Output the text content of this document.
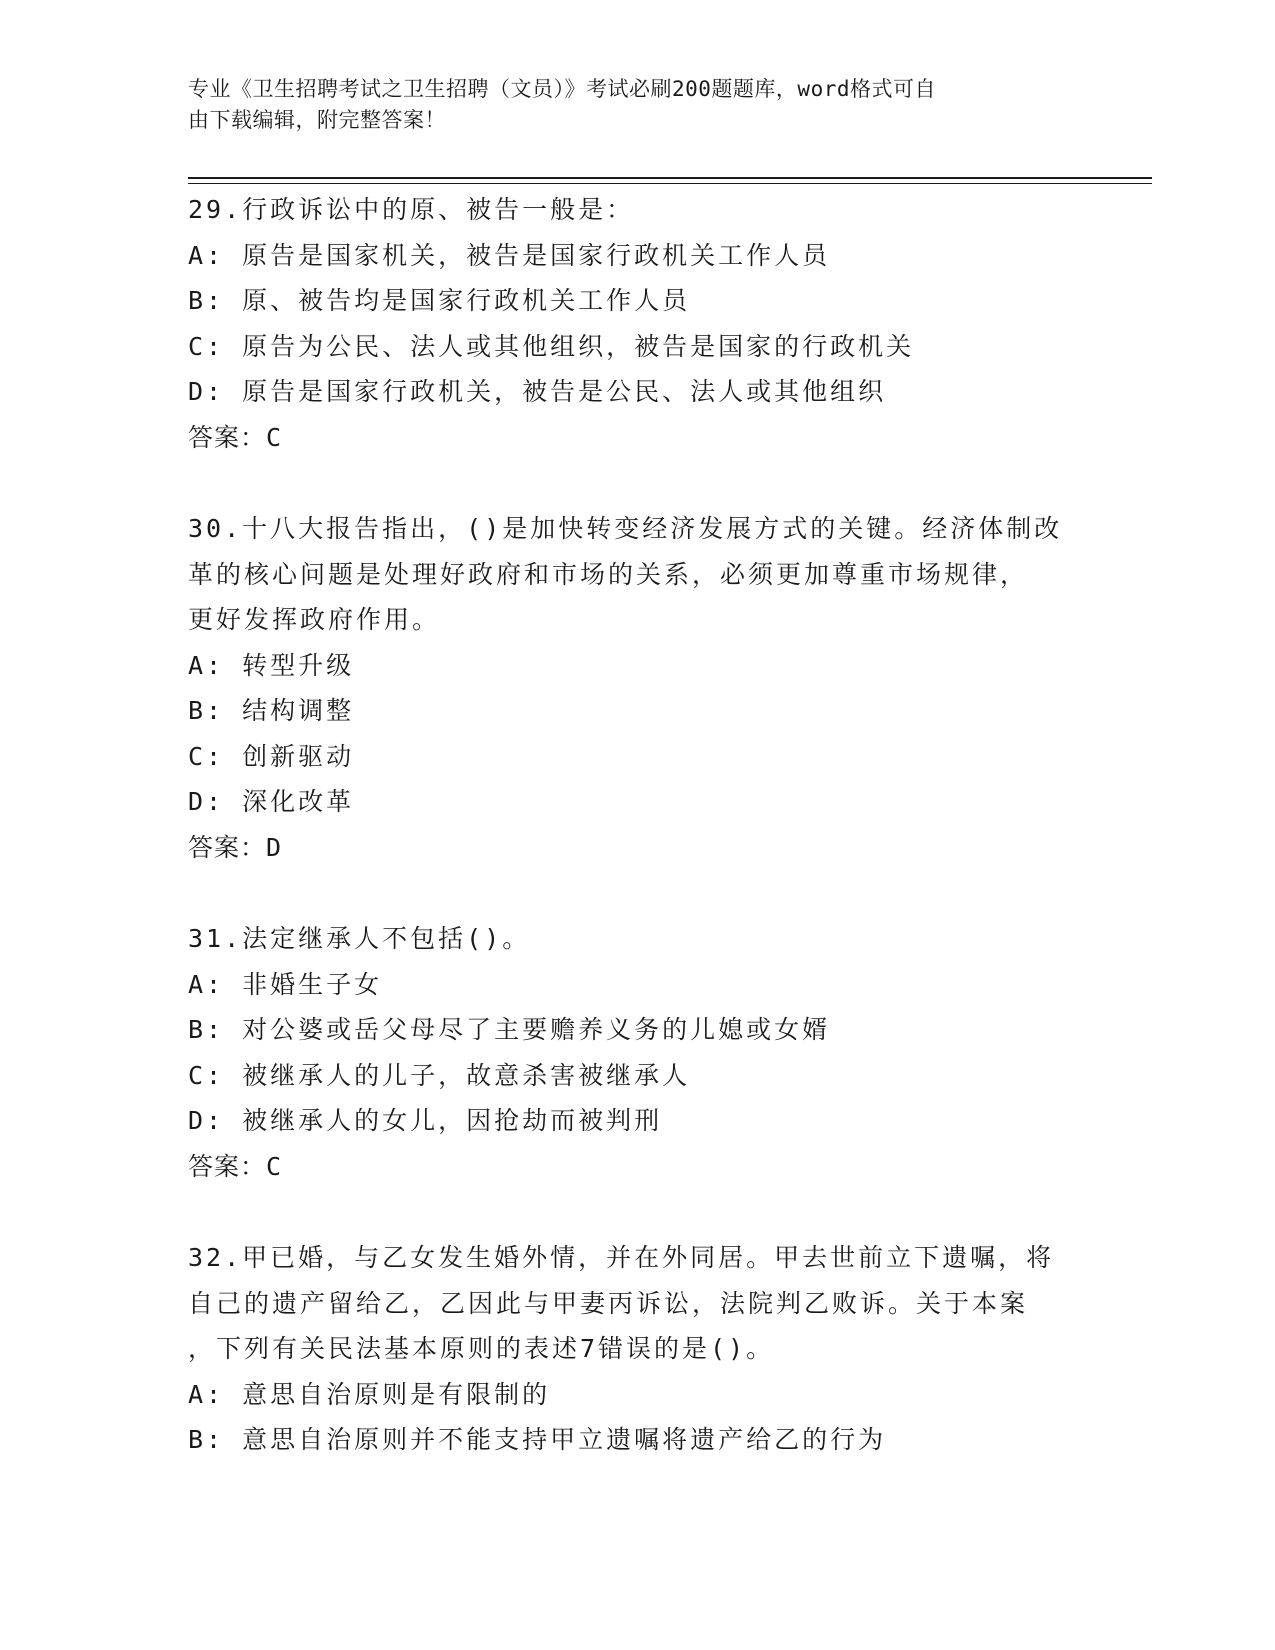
专业《卫生招聘考试之卫生招聘（文员）》考试必刷200题题库，word格式可自
由下载编辑，附完整答案！
29.行政诉讼中的原、被告一般是：
A: 原告是国家机关，被告是国家行政机关工作人员
B: 原、被告均是国家行政机关工作人员
C: 原告为公民、法人或其他组织，被告是国家的行政机关
D: 原告是国家行政机关，被告是公民、法人或其他组织
答案：C
30.十八大报告指出，()是加快转变经济发展方式的关键。经济体制改
革的核心问题是处理好政府和市场的关系，必须更加尊重市场规律，
更好发挥政府作用。
A: 转型升级
B: 结构调整
C: 创新驱动
D: 深化改革
答案：D
31.法定继承人不包括()。
A: 非婚生子女
B: 对公婆或岳父母尽了主要赡养义务的儿媳或女婿
C: 被继承人的儿子，故意杀害被继承人
D: 被继承人的女儿，因抢劫而被判刑
答案：C
32.甲已婚，与乙女发生婚外情，并在外同居。甲去世前立下遗嘱，将
自己的遗产留给乙，乙因此与甲妻丙诉讼，法院判乙败诉。关于本案
，下列有关民法基本原则的表述7错误的是()。
A: 意思自治原则是有限制的
B: 意思自治原则并不能支持甲立遗嘱将遗产给乙的行为
